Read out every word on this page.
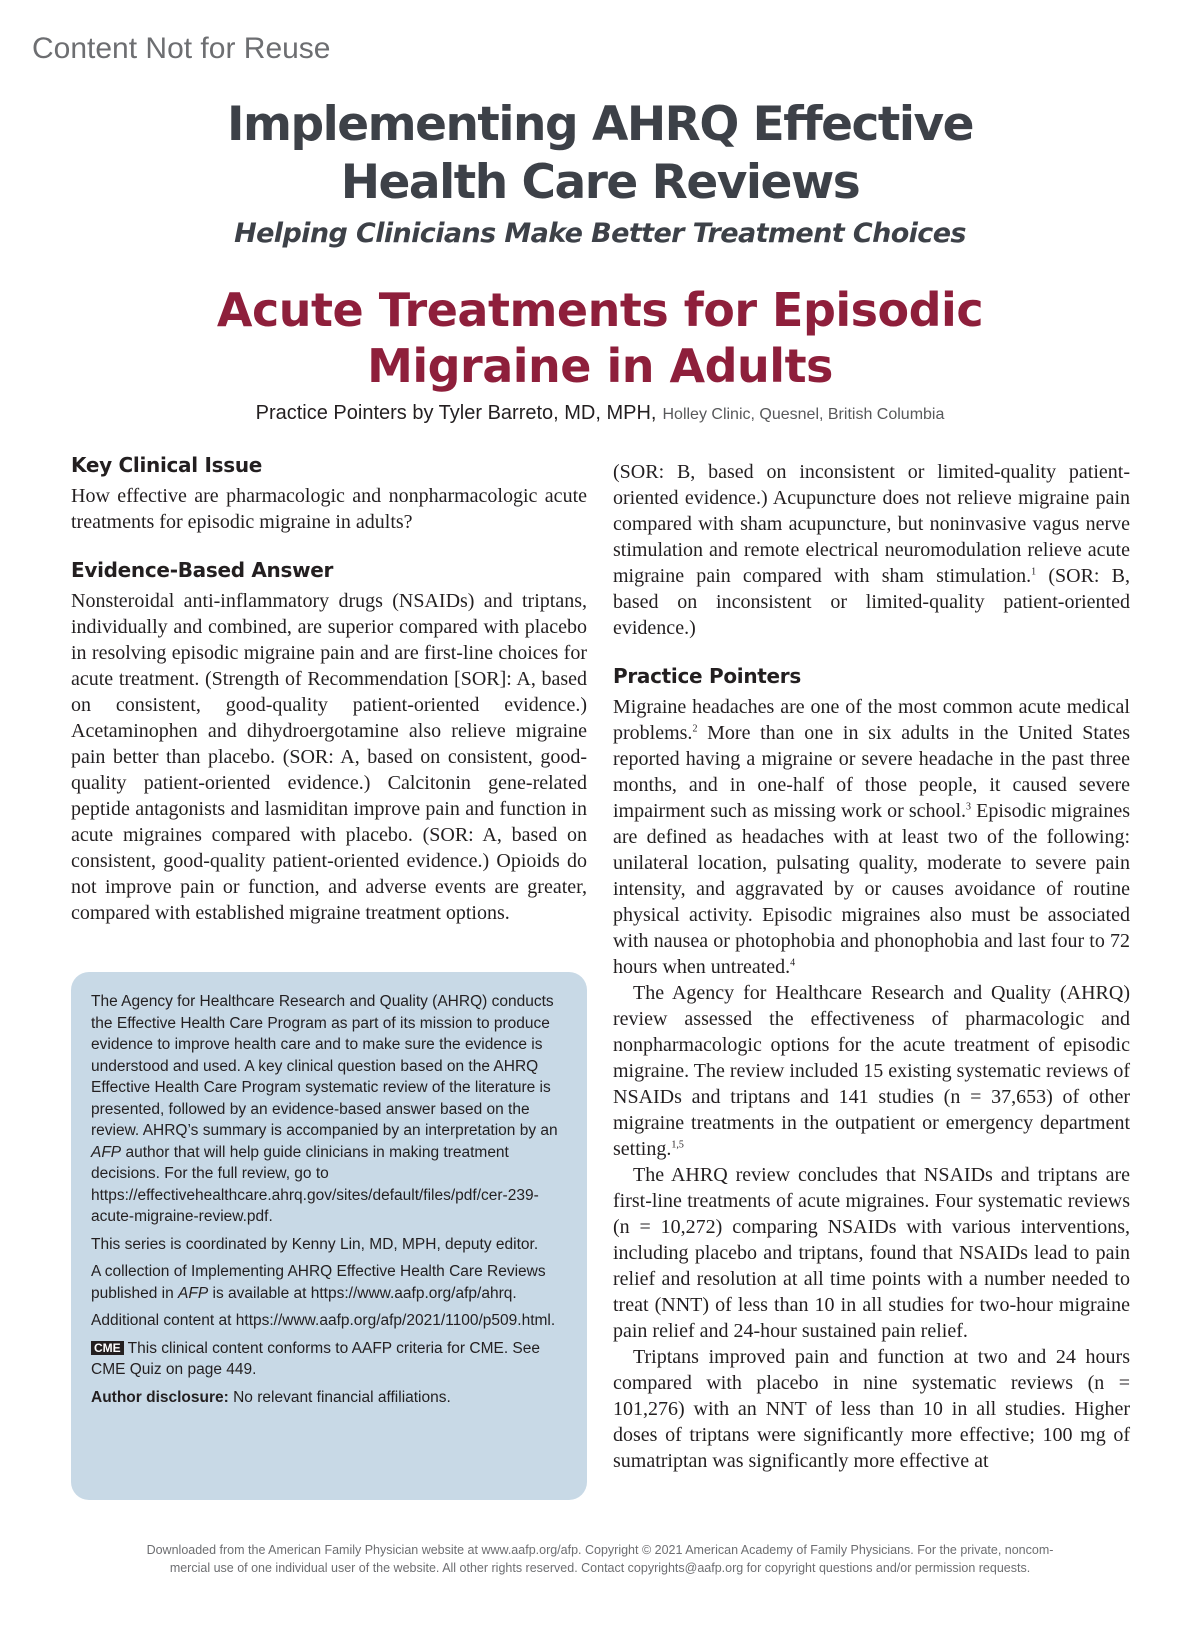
Content Not for Reuse
Implementing AHRQ Effective
Health Care Reviews
Helping Clinicians Make Better Treatment Choices
Acute Treatments for Episodic
Migraine in Adults
Practice Pointers by Tyler Barreto, MD, MPH, Holley Clinic, Quesnel, British Columbia
Key Clinical Issue

How effective are pharmacologic and nonpharmacologic acute treatments for episodic migraine in adults?

Evidence-Based Answer

Nonsteroidal anti-inflammatory drugs (NSAIDs) and triptans, individually and combined, are superior compared with placebo in resolving episodic migraine pain and are first-line choices for acute treatment. (Strength of Recommendation [SOR]: A, based on consistent, good-quality patient-oriented evidence.) Acetaminophen and dihydroergotamine also relieve migraine pain better than placebo. (SOR: A, based on consistent, good-quality patient-oriented evidence.) Calcitonin gene-related peptide antagonists and lasmiditan improve pain and function in acute migraines compared with placebo. (SOR: A, based on consistent, good-quality patient-oriented evidence.) Opioids do not improve pain or function, and adverse events are greater, compared with established migraine treatment options.

The Agency for Healthcare Research and Quality (AHRQ) conducts the Effective Health Care Program as part of its mission to produce evidence to improve health care and to make sure the evidence is understood and used. A key clinical question based on the AHRQ Effective Health Care Program systematic review of the literature is presented, followed by an evidence-based answer based on the review. AHRQ’s summary is accompanied by an interpretation by an AFP author that will help guide clinicians in making treatment decisions. For the full review, go to https://effectivehealthcare.ahrq.gov/sites/default/files/pdf/cer-239-acute-migraine-review.pdf.

This series is coordinated by Kenny Lin, MD, MPH, deputy editor.

A collection of Implementing AHRQ Effective Health Care Reviews published in AFP is available at https://www.aafp.org/afp/ahrq.

Additional content at https://www.aafp.org/afp/2021/1100/p509.html.

CME This clinical content conforms to AAFP criteria for CME. See CME Quiz on page 449.

Author disclosure: No relevant financial affiliations.

(SOR: B, based on inconsistent or limited-quality patient-oriented evidence.) Acupuncture does not relieve migraine pain compared with sham acupuncture, but noninvasive vagus nerve stimulation and remote electrical neuromodulation relieve acute migraine pain compared with sham stimulation.$^1$ (SOR: B, based on inconsistent or limited-quality patient-oriented evidence.)

Practice Pointers

Migraine headaches are one of the most common acute medical problems.$^2$ More than one in six adults in the United States reported having a migraine or severe headache in the past three months, and in one-half of those people, it caused severe impairment such as missing work or school.$^3$ Episodic migraines are defined as headaches with at least two of the following: unilateral location, pulsating quality, moderate to severe pain intensity, and aggravated by or causes avoidance of routine physical activity. Episodic migraines also must be associated with nausea or photophobia and phonophobia and last four to 72 hours when untreated.$^4$

The Agency for Healthcare Research and Quality (AHRQ) review assessed the effectiveness of pharmacologic and nonpharmacologic options for the acute treatment of episodic migraine. The review included 15 existing systematic reviews of NSAIDs and triptans and 141 studies (n = 37,653) of other migraine treatments in the outpatient or emergency department setting.$^{1,5}$

The AHRQ review concludes that NSAIDs and triptans are first-line treatments of acute migraines. Four systematic reviews (n = 10,272) comparing NSAIDs with various interventions, including placebo and triptans, found that NSAIDs lead to pain relief and resolution at all time points with a number needed to treat (NNT) of less than 10 in all studies for two-hour migraine pain relief and 24-hour sustained pain relief.

Triptans improved pain and function at two and 24 hours compared with placebo in nine systematic reviews (n = 101,276) with an NNT of less than 10 in all studies. Higher doses of triptans were significantly more effective; 100 mg of sumatriptan was significantly more effective at

Downloaded from the American Family Physician website at www.aafp.org/afp. Copyright © 2021 American Academy of Family Physicians. For the private, noncom-
mercial use of one individual user of the website. All other rights reserved. Contact copyrights@aafp.org for copyright questions and/or permission requests.
